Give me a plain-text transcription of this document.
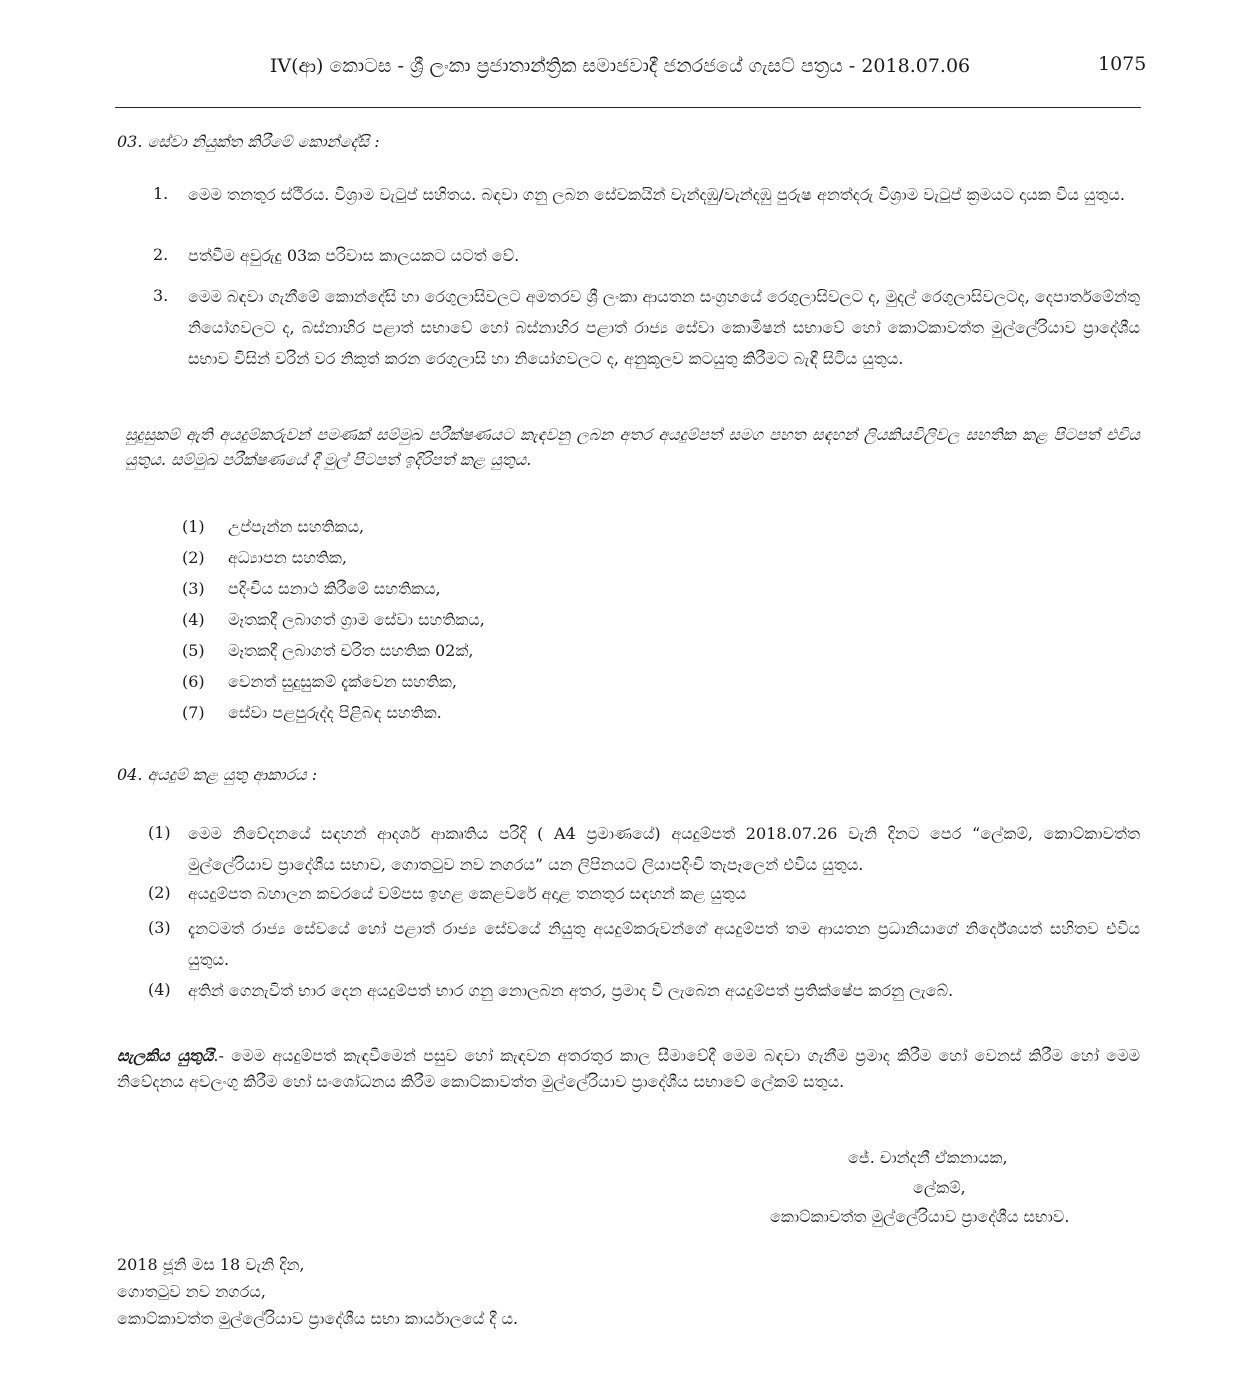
IV(ආ) කොටස - ශ්‍රී ලංකා ප්‍රජාතාන්ත්‍රික සමාජවාදී ජනරජයේ ගැසට් පත්‍රය - 2018.07.06	1075
03. සේවා නියුක්ත කිරීමේ කොන්දේසි :
1.	මෙම තනතුර ස්ථිරය. විශ්‍රාම වැටුප් සහිතය. බඳවා ගනු ලබන සේවකයින් වැන්දඹු/වැන්දඹු පුරුෂ අනත්දරු විශ්‍රාම වැටුප් ක්‍රමයට දායක විය යුතුය.
2.	පත්වීම අවුරුදු 03ක පරිවාස කාලයකට යටත් වේ.
3.	මෙම බඳවා ගැනීමේ කොන්දේසි හා රෙගුලාසිවලට අමතරව ශ්‍රී ලංකා ආයතන සංග්‍රහයේ රෙගුලාසිවලට ද, මුදල් රෙගුලාසිවලටද, දෙපාර්තමේන්තු නියෝගවලට ද, බස්නාහිර පළාත් සභාවේ හෝ බස්නාහිර පළාත් රාජ්‍ය සේවා කොමිෂන් සභාවේ හෝ කොට්කාවත්ත මුල්ලේරියාව ප්‍රාදේශීය සභාව විසින් වරින් වර නිකුත් කරන රෙගුලාසි හා නියෝගවලට ද, අනුකූලව කටයුතු කිරීමට බැඳී සිටිය යුතුය.
සුදුසුකම් ඇති අයදුම්කරුවන් පමණක් සම්මුඛ පරීක්ෂණයට කැඳවනු ලබන අතර අයදුම්පත් සමග පහත සඳහන් ලියකියවිලිවල සහතික කළ පිටපත් එවිය යුතුය. සම්මුඛ පරීක්ෂණයේ දී මුල් පිටපත් ඉදිරිපත් කළ යුතුය.
(1) උප්පැන්න සහතිකය,
(2) අධ්‍යාපන සහතික,
(3) පදිංචිය සනාථ කිරීමේ සහතිකය,
(4) මෑතකදී ලබාගත් ග්‍රාම සේවා සහතිකය,
(5) මෑතකදී ලබාගත් චරිත සහතික 02ක්,
(6) වෙනත් සුදුසුකම් දැක්වෙන සහතික,
(7) සේවා පළපුරුද්ද පිළිබඳ සහතික.
04. අයදුම් කළ යුතු ආකාරය :
(1) මෙම නිවේදනයේ සඳහන් ආදර්ශ ආකෘතිය පරිදි ( A4 ප්‍රමාණයේ) අයදුම්පත් 2018.07.26 වැනි දිනට පෙර “ලේකම්, කොට්කාවත්ත මුල්ලේරියාව ප්‍රාදේශීය සභාව, ගොතටුව නව නගරය” යන ලිපිනයට ලියාපදිංචි තැපෑලෙන් එවිය යුතුය.
(2) අයදුම්පත බහාලන කවරයේ වම්පස ඉහළ කෙළවරේ අදාළ තනතුර සඳහන් කළ යුතුය
(3) දැනටමත් රාජ්‍ය සේවයේ හෝ පළාත් රාජ්‍ය සේවයේ නියුතු අයදුම්කරුවන්ගේ අයදුම්පත් තම ආයතන ප්‍රධානියාගේ නිර්දේශයත් සහිතව එවිය යුතුය.
(4) අතින් ගෙනැවිත් භාර දෙන අයදුම්පත් භාර ගනු නොලබන අතර, ප්‍රමාද වී ලැබෙන අයදුම්පත් ප්‍රතික්ෂේප කරනු ලැබේ.
සැලකිය යුතුයි.- මෙම අයදුම්පත් කැඳවීමෙන් පසුව හෝ කැඳවන අතරතුර කාල සීමාවේදී මෙම බඳවා ගැනීම ප්‍රමාද කිරීම හෝ වෙනස් කිරීම හෝ මෙම නිවේදනය අවලංගු කිරීම හෝ සංශෝධනය කිරීම කොට්කාවත්ත මුල්ලේරියාව ප්‍රාදේශීය සභාවේ ලේකම් සතුය.
ජේ. චාන්දනී ඒකනායක,
ලේකම්,
කොට්කාවත්ත මුල්ලේරියාව ප්‍රාදේශීය සභාව.
2018 ජූනි මස 18 වැනි දින,
ගොතටුව නව නගරය,
කොට්කාවත්ත මුල්ලේරියාව ප්‍රාදේශීය සභා කාර්යාලයේ දී ය.
